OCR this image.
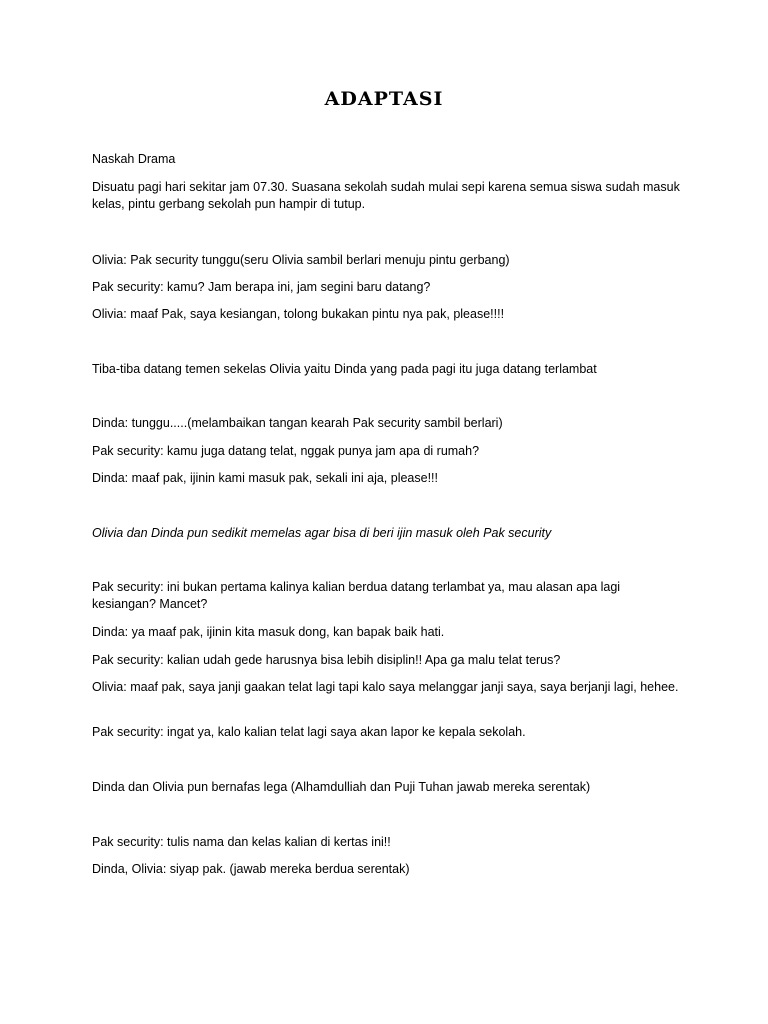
ADAPTASI
Naskah Drama
Disuatu pagi hari sekitar jam 07.30. Suasana sekolah sudah mulai sepi karena semua siswa sudah masuk kelas, pintu gerbang sekolah pun hampir di tutup.
Olivia: Pak security tunggu(seru Olivia sambil berlari menuju pintu gerbang)
Pak security: kamu? Jam berapa ini, jam segini baru datang?
Olivia: maaf Pak, saya kesiangan, tolong bukakan pintu nya pak, please!!!!
Tiba-tiba datang temen sekelas Olivia yaitu Dinda yang pada pagi itu juga datang terlambat
Dinda: tunggu.....(melambaikan tangan kearah Pak security sambil berlari)
Pak security: kamu juga datang telat, nggak punya jam apa di rumah?
Dinda: maaf pak, ijinin kami masuk pak, sekali ini aja, please!!!
Olivia dan Dinda pun sedikit memelas agar bisa di beri ijin masuk oleh Pak security
Pak security: ini bukan pertama kalinya kalian berdua datang terlambat ya, mau alasan apa lagi kesiangan? Mancet?
Dinda: ya maaf pak, ijinin kita masuk dong, kan bapak baik hati.
Pak security: kalian udah gede harusnya bisa lebih disiplin!! Apa ga malu telat terus?
Olivia: maaf pak, saya janji gaakan telat lagi tapi kalo saya melanggar janji saya, saya berjanji lagi, hehee.
Pak security: ingat ya, kalo kalian telat lagi saya akan lapor ke kepala sekolah.
Dinda dan Olivia pun bernafas lega (Alhamdulliah dan Puji Tuhan jawab mereka serentak)
Pak security: tulis nama dan kelas kalian di kertas ini!!
Dinda, Olivia: siyap pak. (jawab mereka berdua serentak)
